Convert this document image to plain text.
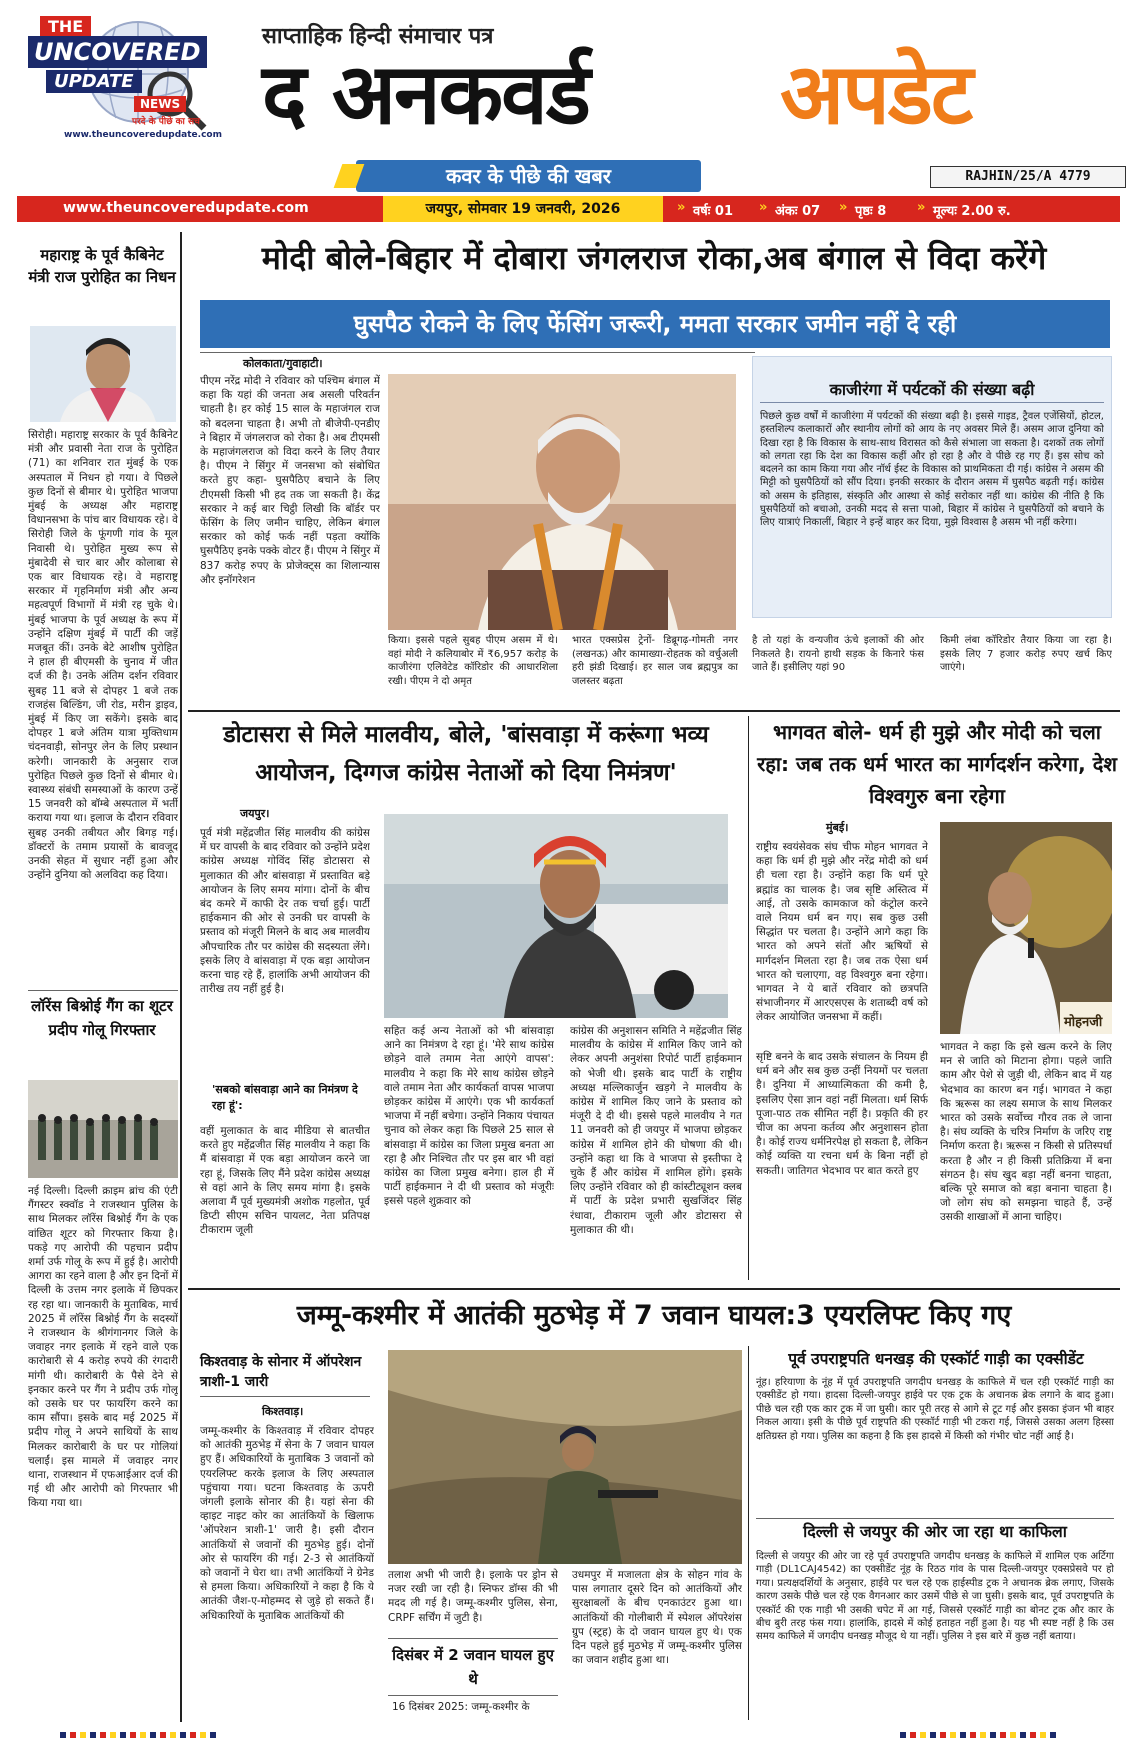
THE
UNCOVERED
UPDATE
NEWS
परदे के पीछे का सच
www.theuncoveredupdate.com
साप्ताहिक हिन्दी संमाचार पत्र
द अनकवर्ड अपडेट
कवर के पीछे की खबर	RAJHIN/25/A 4779
www.theuncoveredupdate.com	जयपुर, सोमवार 19 जनवरी, 2026	» वर्षः 01 » अंकः 07 » पृष्ठः 8 » मूल्यः 2.00 रु.
महाराष्ट्र के पूर्व कैबिनेट मंत्री राज पुरोहित का निधन
सिरोही। महाराष्ट्र सरकार के पूर्व कैबिनेट मंत्री और प्रवासी नेता राज के पुरोहित (71) का शनिवार रात मुंबई के एक अस्पताल में निधन हो गया। वे पिछले कुछ दिनों से बीमार थे। पुरोहित भाजपा मुंबई के अध्यक्ष और महाराष्ट्र विधानसभा के पांच बार विधायक रहे। वे सिरोही जिले के फूंगणी गांव के मूल निवासी थे। पुरोहित मुख्य रूप से मुंबादेवी से चार बार और कोलाबा से एक बार विधायक रहे। वे महाराष्ट्र सरकार में गृहनिर्माण मंत्री और अन्य महत्वपूर्ण विभागों में मंत्री रह चुके थे। मुंबई भाजपा के पूर्व अध्यक्ष के रूप में उन्होंने दक्षिण मुंबई में पार्टी की जड़ें मजबूत कीं। उनके बेटे आशीष पुरोहित ने हाल ही बीएमसी के चुनाव में जीत दर्ज की है। उनके अंतिम दर्शन रविवार सुबह 11 बजे से दोपहर 1 बजे तक राजहंस बिल्डिंग, जी रोड, मरीन ड्राइव, मुंबई में किए जा सकेंगे। इसके बाद दोपहर 1 बजे अंतिम यात्रा मुक्तिधाम चंदनवाड़ी, सोनपुर लेन के लिए प्रस्थान करेगी। जानकारी के अनुसार राज पुरोहित पिछले कुछ दिनों से बीमार थे। स्वास्थ्य संबंधी समस्याओं के कारण उन्हें 15 जनवरी को बॉम्बे अस्पताल में भर्ती कराया गया था। इलाज के दौरान रविवार सुबह उनकी तबीयत और बिगड़ गई। डॉक्टरों के तमाम प्रयासों के बावजूद उनकी सेहत में सुधार नहीं हुआ और उन्होंने दुनिया को अलविदा कह दिया।
लॉरेंस बिश्नोई गैंग का शूटर प्रदीप गोलू गिरफ्तार
नई दिल्ली। दिल्ली क्राइम ब्रांच की एंटी गैंगस्टर स्क्वॉड ने राजस्थान पुलिस के साथ मिलकर लॉरेंस बिश्नोई गैंग के एक वांछित शूटर को गिरफ्तार किया है। पकड़े गए आरोपी की पहचान प्रदीप शर्मा उर्फ गोलू के रूप में हुई है। आरोपी आगरा का रहने वाला है और इन दिनों में दिल्ली के उत्तम नगर इलाके में छिपकर रह रहा था। जानकारी के मुताबिक, मार्च 2025 में लॉरेंस बिश्नोई गैंग के सदस्यों ने राजस्थान के श्रीगंगानगर जिले के जवाहर नगर इलाके में रहने वाले एक कारोबारी से 4 करोड़ रुपये की रंगदारी मांगी थी। कारोबारी के पैसे देने से इनकार करने पर गैंग ने प्रदीप उर्फ गोलू को उसके घर पर फायरिंग करने का काम सौंपा। इसके बाद मई 2025 में प्रदीप गोलू ने अपने साथियों के साथ मिलकर कारोबारी के घर पर गोलियां चलाईं। इस मामले में जवाहर नगर थाना, राजस्थान में एफआईआर दर्ज की गई थी और आरोपी को गिरफ्तार भी किया गया था।
मोदी बोले-बिहार में दोबारा जंगलराज रोका,अब बंगाल से विदा करेंगे
घुसपैठ रोकने के लिए फेंसिंग जरूरी, ममता सरकार जमीन नहीं दे रही
कोलकाता/गुवाहाटी।
पीएम नरेंद्र मोदी ने रविवार को पश्चिम बंगाल में कहा कि यहां की जनता अब असली परिवर्तन चाहती है। हर कोई 15 साल के महाजंगल राज को बदलना चाहता है। अभी तो बीजेपी-एनडीए ने बिहार में जंगलराज को रोका है। अब टीएमसी के महाजंगलराज को विदा करने के लिए तैयार है। पीएम ने सिंगुर में जनसभा को संबोधित करते हुए कहा- घुसपैठिए बचाने के लिए टीएमसी किसी भी हद तक जा सकती है। केंद्र सरकार ने कई बार चिट्ठी लिखी कि बॉर्डर पर फेंसिंग के लिए जमीन चाहिए, लेकिन बंगाल सरकार को कोई फर्क नहीं पड़ता क्योंकि घुसपैठिए इनके पक्के वोटर हैं। पीएम ने सिंगुर में 837 करोड़ रुपए के प्रोजेक्ट्स का शिलान्यास और इनॉगरेशन
किया। इससे पहले सुबह पीएम असम में थे। वहां मोदी ने कलियाबोर में ₹6,957 करोड़ के काजीरंगा एलिवेटेड कॉरिडोर की आधारशिला रखी। पीएम ने दो अमृत
भारत एक्सप्रेस ट्रेनों- डिब्रूगढ़-गोमती नगर (लखनऊ) और कामाख्या-रोहतक को वर्चुअली हरी झंडी दिखाई। हर साल जब ब्रह्मपुत्र का जलस्तर बढ़ता
काजीरंगा में पर्यटकों की संख्या बढ़ी
पिछले कुछ वर्षों में काजीरंगा में पर्यटकों की संख्या बढ़ी है। इससे गाइड, ट्रैवल एजेंसियों, होटल, हस्तशिल्प कलाकारों और स्थानीय लोगों को आय के नए अवसर मिले हैं। असम आज दुनिया को दिखा रहा है कि विकास के साथ-साथ विरासत को कैसे संभाला जा सकता है। दशकों तक लोगों को लगता रहा कि देश का विकास कहीं और हो रहा है और वे पीछे रह गए हैं। इस सोच को बदलने का काम किया गया और नॉर्थ ईस्ट के विकास को प्राथमिकता दी गई। कांग्रेस ने असम की मिट्टी को घुसपैठियों को सौंप दिया। इनकी सरकार के दौरान असम में घुसपैठ बढ़ती गई। कांग्रेस को असम के इतिहास, संस्कृति और आस्था से कोई सरोकार नहीं था। कांग्रेस की नीति है कि घुसपैठियों को बचाओ, उनकी मदद से सत्ता पाओ, बिहार में कांग्रेस ने घुसपैठियों को बचाने के लिए यात्राएं निकालीं, बिहार ने इन्हें बाहर कर दिया, मुझे विश्वास है असम भी नहीं करेगा।
है तो यहां के वन्यजीव ऊंचे इलाकों की ओर निकलते है। रायनो हाथी सड़क के किनारे फंस जाते हैं। इसीलिए यहां 90
किमी लंबा कॉरिडोर तैयार किया जा रहा है। इसके लिए 7 हजार करोड़ रुपए खर्च किए जाएंगे।
डोटासरा से मिले मालवीय, बोले, 'बांसवाड़ा में करूंगा भव्य आयोजन, दिग्गज कांग्रेस नेताओं को दिया निमंत्रण'
जयपुर।
पूर्व मंत्री महेंद्रजीत सिंह मालवीय की कांग्रेस में घर वापसी के बाद रविवार को उन्होंने प्रदेश कांग्रेस अध्यक्ष गोविंद सिंह डोटासरा से मुलाकात की और बांसवाड़ा में प्रस्तावित बड़े आयोजन के लिए समय मांगा। दोनों के बीच बंद कमरे में काफी देर तक चर्चा हुई। पार्टी हाईकमान की ओर से उनकी घर वापसी के प्रस्ताव को मंजूरी मिलने के बाद अब मालवीय औपचारिक तौर पर कांग्रेस की सदस्यता लेंगे। इसके लिए वे बांसवाड़ा में एक बड़ा आयोजन करना चाह रहे हैं, हालांकि अभी आयोजन की तारीख तय नहीं हुई है।
'सबको बांसवाड़ा आने का निमंत्रण दे रहा हूं':
वहीं मुलाकात के बाद मीडिया से बातचीत करते हुए महेंद्रजीत सिंह मालवीय ने कहा कि मैं बांसवाड़ा में एक बड़ा आयोजन करने जा रहा हूं, जिसके लिए मैंने प्रदेश कांग्रेस अध्यक्ष से वहां आने के लिए समय मांगा है। इसके अलावा मैं पूर्व मुख्यमंत्री अशोक गहलोत, पूर्व डिप्टी सीएम सचिन पायलट, नेता प्रतिपक्ष टीकाराम जूली
सहित कई अन्य नेताओं को भी बांसवाड़ा आने का निमंत्रण दे रहा हूं। 'मेरे साथ कांग्रेस छोड़ने वाले तमाम नेता आएंगे वापस': मालवीय ने कहा कि मेरे साथ कांग्रेस छोड़ने वाले तमाम नेता और कार्यकर्ता वापस भाजपा छोड़कर कांग्रेस में आएंगे। एक भी कार्यकर्ता भाजपा में नहीं बचेगा। उन्होंने निकाय पंचायत चुनाव को लेकर कहा कि पिछले 25 साल से बांसवाड़ा में कांग्रेस का जिला प्रमुख बनता आ रहा है और निश्चित तौर पर इस बार भी वहां कांग्रेस का जिला प्रमुख बनेगा। हाल ही में पार्टी हाईकमान ने दी थी प्रस्ताव को मंजूरीः इससे पहले शुक्रवार को
कांग्रेस की अनुशासन समिति ने महेंद्रजीत सिंह मालवीय के कांग्रेस में शामिल किए जाने को लेकर अपनी अनुशंसा रिपोर्ट पार्टी हाईकमान को भेजी थी। इसके बाद पार्टी के राष्ट्रीय अध्यक्ष मल्लिकार्जुन खड़गे ने मालवीय के कांग्रेस में शामिल किए जाने के प्रस्ताव को मंजूरी दे दी थी। इससे पहले मालवीय ने गत 11 जनवरी को ही जयपुर में भाजपा छोड़कर कांग्रेस में शामिल होने की घोषणा की थी। उन्होंने कहा था कि वे भाजपा से इस्तीफा दे चुके हैं और कांग्रेस में शामिल होंगे। इसके लिए उन्होंने रविवार को ही कांस्टीट्यूशन क्लब में पार्टी के प्रदेश प्रभारी सुखजिंदर सिंह रंधावा, टीकाराम जूली और डोटासरा से मुलाकात की थी।
भागवत बोले- धर्म ही मुझे और मोदी को चला रहा: जब तक धर्म भारत का मार्गदर्शन करेगा, देश विश्वगुरु बना रहेगा
मुंबई।
राष्ट्रीय स्वयंसेवक संघ चीफ मोहन भागवत ने कहा कि धर्म ही मुझे और नरेंद्र मोदी को धर्म ही चला रहा है। उन्होंने कहा कि धर्म पूरे ब्रह्मांड का चालक है। जब सृष्टि अस्तित्व में आई, तो उसके कामकाज को कंट्रोल करने वाले नियम धर्म बन गए। सब कुछ उसी सिद्धांत पर चलता है। उन्होंने आगे कहा कि भारत को अपने संतों और ऋषियों से मार्गदर्शन मिलता रहा है। जब तक ऐसा धर्म भारत को चलाएगा, वह विश्वगुरु बना रहेगा। भागवत ने ये बातें रविवार को छत्रपति संभाजीनगर में आरएसएस के शताब्दी वर्ष को लेकर आयोजित जनसभा में कहीं।	मोहनजी
सृष्टि बनने के बाद उसके संचालन के नियम ही धर्म बने और सब कुछ उन्हीं नियमों पर चलता है। दुनिया में आध्यात्मिकता की कमी है, इसलिए ऐसा ज्ञान वहां नहीं मिलता। धर्म सिर्फ पूजा-पाठ तक सीमित नहीं है। प्रकृति की हर चीज का अपना कर्तव्य और अनुशासन होता है। कोई राज्य धर्मनिरपेक्ष हो सकता है, लेकिन कोई व्यक्ति या रचना धर्म के बिना नहीं हो सकती। जातिगत भेदभाव पर बात करते हुए
भागवत ने कहा कि इसे खत्म करने के लिए मन से जाति को मिटाना होगा। पहले जाति काम और पेशे से जुड़ी थी, लेकिन बाद में यह भेदभाव का कारण बन गई। भागवत ने कहा कि ऋरूस का लक्ष्य समाज के साथ मिलकर भारत को उसके सर्वोच्च गौरव तक ले जाना है। संघ व्यक्ति के चरित्र निर्माण के जरिए राष्ट्र निर्माण करता है। ऋरूस न किसी से प्रतिस्पर्धा करता है और न ही किसी प्रतिक्रिया में बना संगठन है। संघ खुद बड़ा नहीं बनना चाहता, बल्कि पूरे समाज को बड़ा बनाना चाहता है। जो लोग संघ को समझना चाहते हैं, उन्हें उसकी शाखाओं में आना चाहिए।
जम्मू-कश्मीर में आतंकी मुठभेड़ में 7 जवान घायल:3 एयरलिफ्ट किए गए
किश्तवाड़ के सोनार में ऑपरेशन त्राशी-1 जारी
किश्तवाड़।
जम्मू-कश्मीर के किश्तवाड़ में रविवार दोपहर को आतंकी मुठभेड़ में सेना के 7 जवान घायल हुए हैं। अधिकारियों के मुताबिक 3 जवानों को एयरलिफ्ट करके इलाज के लिए अस्पताल पहुंचाया गया। घटना किश्तवाड़ के ऊपरी जंगली इलाके सोनार की है। यहां सेना की व्हाइट नाइट कोर का आतंकियों के खिलाफ 'ऑपरेशन त्राशी-1' जारी है। इसी दौरान आतंकियों से जवानों की मुठभेड़ हुई। दोनों ओर से फायरिंग की गई। 2-3 से आतंकियों को जवानों ने घेरा था। तभी आतंकियों ने ग्रेनेड से हमला किया। अधिकारियों ने कहा है कि ये आतंकी जैश-ए-मोहम्मद से जुड़े हो सकते हैं। अधिकारियों के मुताबिक आतंकियों की
तलाश अभी भी जारी है। इलाके पर ड्रोन से नजर रखी जा रही है। स्निफर डॉग्स की भी मदद ली गई है। जम्मू-कश्मीर पुलिस, सेना, CRPF सर्चिंग में जुटी है।
दिसंबर में 2 जवान घायल हुए थे
16 दिसंबर 2025: जम्मू-कश्मीर के
उधमपुर में मजालता क्षेत्र के सोहन गांव के पास लगातार दूसरे दिन को आतंकियों और सुरक्षाबलों के बीच एनकाउंटर हुआ था। आतंकियों की गोलीबारी में स्पेशल ऑपरेशंस ग्रुप (स्ट्रह) के दो जवान घायल हुए थे। एक दिन पहले हुई मुठभेड़ में जम्मू-कश्मीर पुलिस का जवान शहीद हुआ था।
पूर्व उपराष्ट्रपति धनखड़ की एस्कॉर्ट गाड़ी का एक्सीडेंट
नूंह। हरियाणा के नूंह में पूर्व उपराष्ट्रपति जगदीप धनखड़ के काफिले में चल रही एस्कॉर्ट गाड़ी का एक्सीडेंट हो गया। हादसा दिल्ली-जयपुर हाईवे पर एक ट्रक के अचानक ब्रेक लगाने के बाद हुआ। पीछे चल रही एक कार ट्रक में जा घुसी। कार पूरी तरह से आगे से टूट गई और इसका इंजन भी बाहर निकल आया। इसी के पीछे पूर्व राष्ट्रपति की एस्कॉर्ट गाड़ी भी टकरा गई, जिससे उसका अलग हिस्सा क्षतिग्रस्त हो गया। पुलिस का कहना है कि इस हादसे में किसी को गंभीर चोट नहीं आई है।
दिल्ली से जयपुर की ओर जा रहा था काफिला
दिल्ली से जयपुर की ओर जा रहे पूर्व उपराष्ट्रपति जगदीप धनखड़ के काफिले में शामिल एक अर्टिगा गाड़ी (DL1CAJ4542) का एक्सीडेंट नूंह के रिठठ गांव के पास दिल्ली-जयपुर एक्सप्रेसवे पर हो गया। प्रत्यक्षदर्शियों के अनुसार, हाईवे पर चल रहे एक हाईस्पीड ट्रक ने अचानक ब्रेक लगाए, जिसके कारण उसके पीछे चल रहे एक वैगनआर कार उसमें पीछे से जा घुसी। इसके बाद, पूर्व उपराष्ट्रपति के एस्कॉर्ट की एक गाड़ी भी उसकी चपेट में आ गई, जिससे एस्कॉर्ट गाड़ी का बोनट ट्रक और कार के बीच बुरी तरह फंस गया। हालांकि, हादसे में कोई हताहत नहीं हुआ है। यह भी स्पष्ट नहीं है कि उस समय काफिले में जगदीप धनखड़ मौजूद थे या नहीं। पुलिस ने इस बारे में कुछ नहीं बताया।
